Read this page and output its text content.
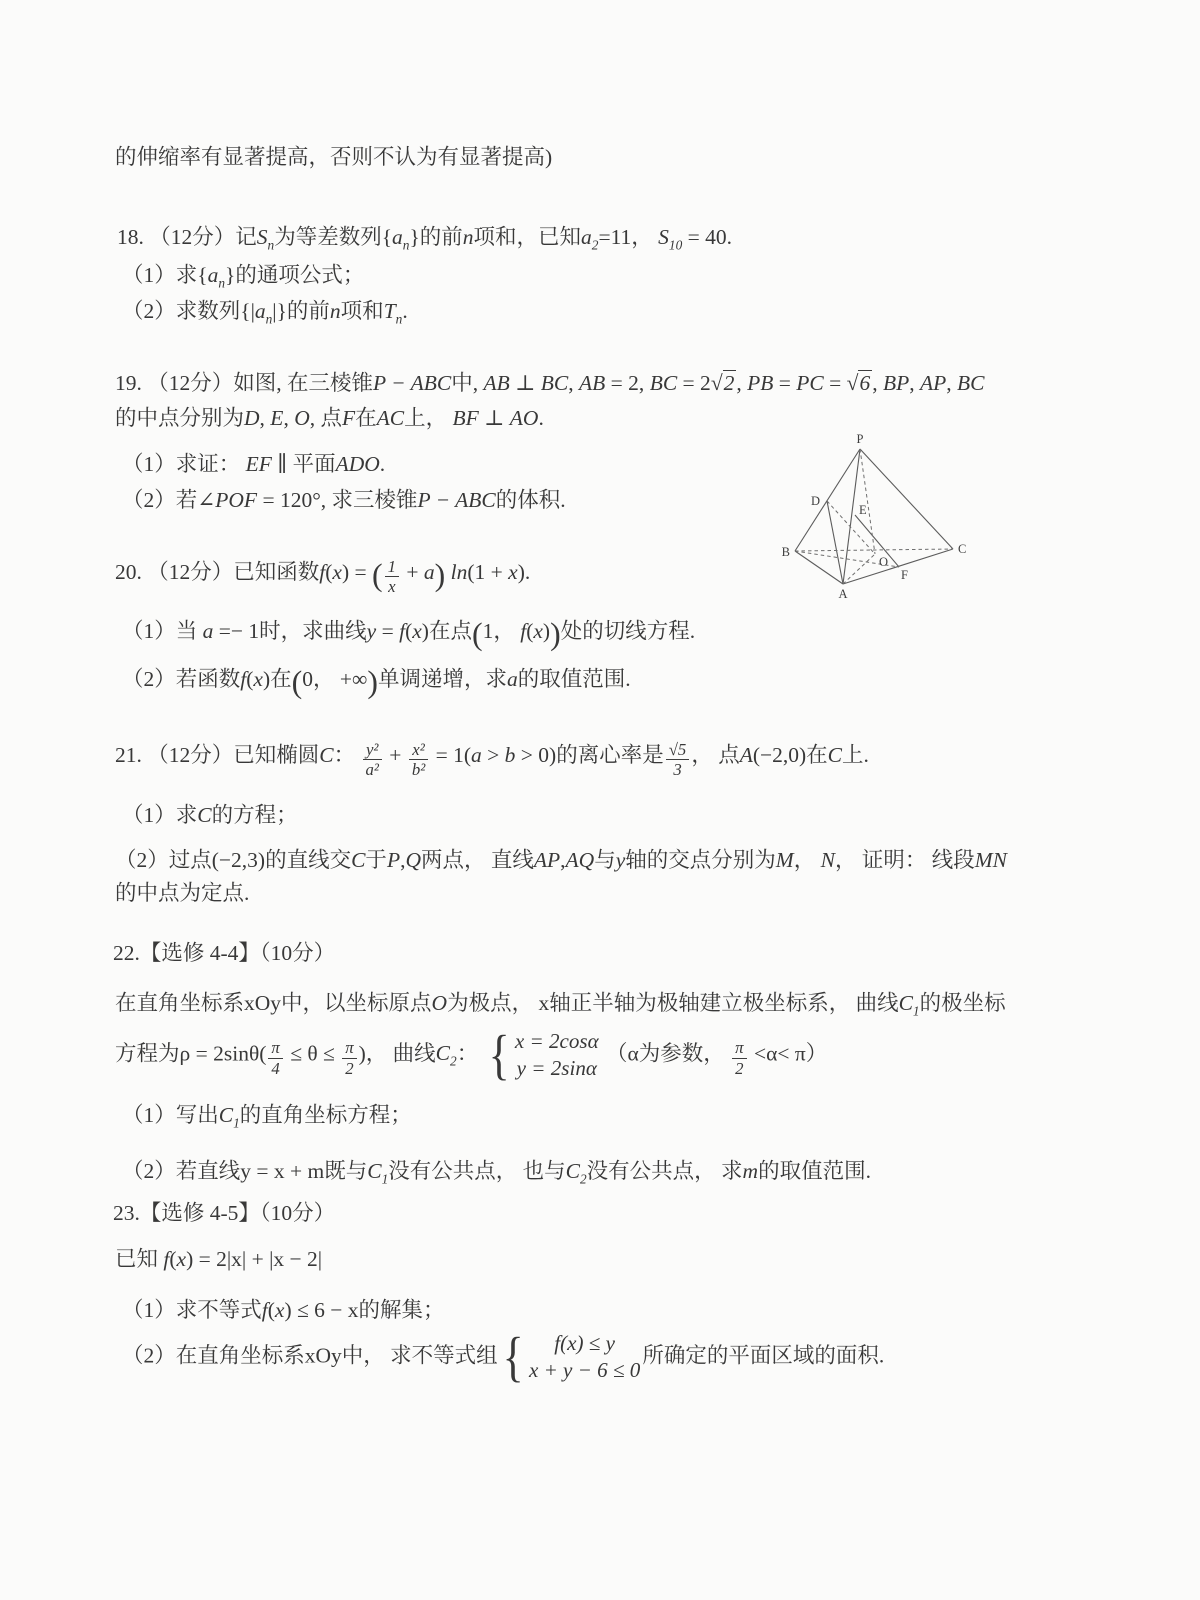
的伸缩率有显著提高，否则不认为有显著提高)
18. （12分）记$S_n$为等差数列$\{a_n\}$的前n项和，已知$a_2=11$， $S_{10} = 40$.
（1）求$\{a_n\}$的通项公式；
（2）求数列$\{|a_n|\}$的前n项和$T_n$.
19. （12分）如图, 在三棱锥P − ABC中, AB ⊥ BC, AB = 2, BC = 2√2, PB = PC = √6, BP, AP, BC
的中点分别为D, E, O, 点F在AC上， BF ⊥ AO.
（1）求证： EF ∥ 平面ADO.
（2）若∠POF = 120°, 求三棱锥P − ABC的体积.
P
D
E
B
O
C
F
A
20. （12分）已知函数f(x) = ( $\frac{1}{x} + a$) ln(1 + x).
（1）当 a =− 1时，求曲线y = f(x)在点(1， f(x))处的切线方程.
（2）若函数f(x)在(0， +∞)单调递增，求a的取值范围.
21. （12分）已知椭圆C： $\frac{\text{y²}}{\text{a²}} + \frac{\text{x²}}{\text{b²}} = 1(a > b > 0)$的离心率是 $\frac{√5}{3}$ ， 点A(−2,0)在C上.
（1）求C的方程；
（2）过点(−2,3)的直线交C于P,Q两点， 直线AP,AQ与y轴的交点分别为M， N， 证明： 线段MN
的中点为定点.
22.【选修 4-4】（10分）
在直角坐标系xOy中，以坐标原点O为极点， x轴正半轴为极轴建立极坐标系， 曲线$C_1$的极坐标
方程为$\rho = 2\sin\theta( \frac{\pi}{4} \le \theta \le \frac{\pi}{2}$ )， 曲线$C_2$： { x = 2cosα
y = 2sinα
（α为参数， $\frac{\pi}{2} <\alpha< \pi$）
（1）写出$C_1$的直角坐标方程；
（2）若直线y = x + m既与$C_1$没有公共点， 也与$C_2$没有公共点， 求m的取值范围.
23.【选修 4-5】（10分）
已知 f(x) = 2|x| + |x − 2|
（1）求不等式f(x) ≤ 6 − x的解集；
（2）在直角坐标系xOy中， 求不等式组 { f(x) ≤ y
x + y − 6 ≤ 0
所确定的平面区域的面积.
